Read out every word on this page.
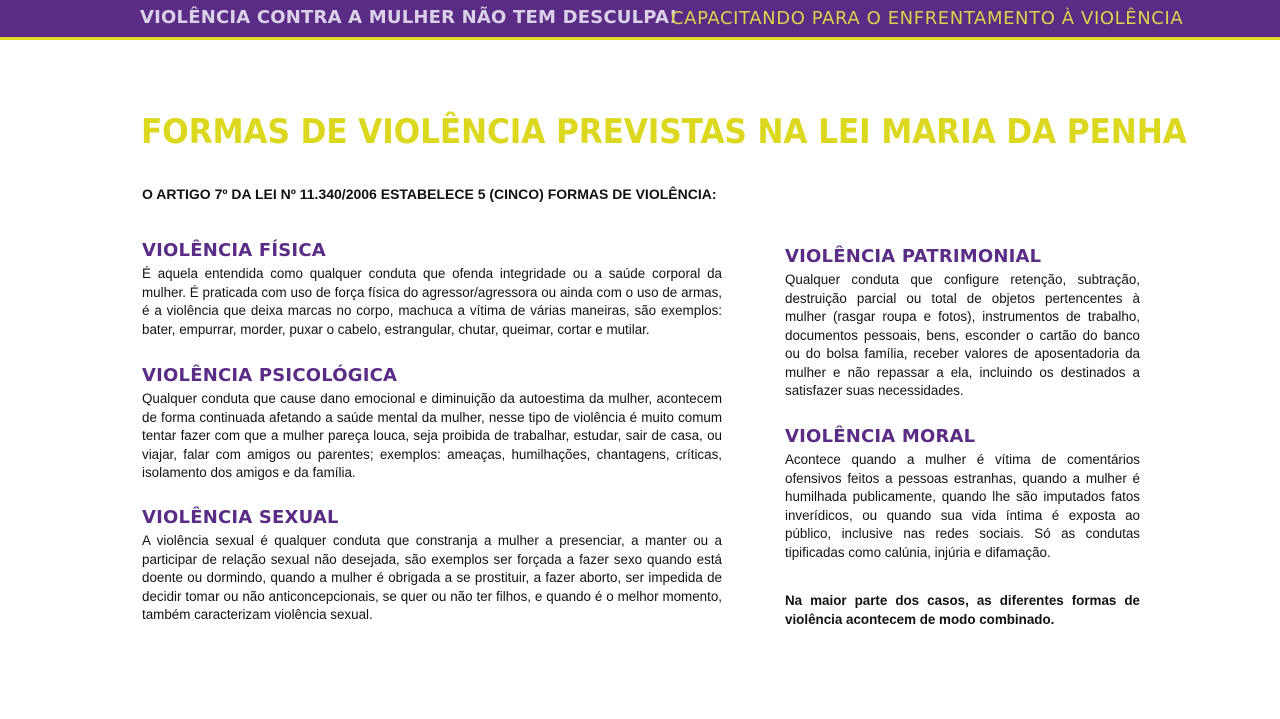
VIOLÊNCIA CONTRA A MULHER NÃO TEM DESCULPA!
CAPACITANDO PARA O ENFRENTAMENTO À VIOLÊNCIA
FORMAS DE VIOLÊNCIA PREVISTAS NA LEI MARIA DA PENHA
O ARTIGO 7º DA LEI Nº 11.340/2006 ESTABELECE 5 (CINCO) FORMAS DE VIOLÊNCIA:
VIOLÊNCIA FÍSICA

É aquela entendida como qualquer conduta que ofenda integridade ou a saúde corporal da mulher. É praticada com uso de força física do agressor/agressora ou ainda com o uso de armas, é a violência que deixa marcas no corpo, machuca a vítima de várias maneiras, são exemplos: bater, empurrar, morder, puxar o cabelo, estrangular, chutar, queimar, cortar e mutilar.

VIOLÊNCIA PSICOLÓGICA

Qualquer conduta que cause dano emocional e diminuição da autoestima da mulher, acontecem de forma continuada afetando a saúde mental da mulher, nesse tipo de violência é muito comum tentar fazer com que a mulher pareça louca, seja proibida de trabalhar, estudar, sair de casa, ou viajar, falar com amigos ou parentes; exemplos: ameaças, humilhações, chantagens, críticas, isolamento dos amigos e da família.

VIOLÊNCIA SEXUAL

A violência sexual é qualquer conduta que constranja a mulher a presenciar, a manter ou a participar de relação sexual não desejada, são exemplos ser forçada a fazer sexo quando está doente ou dormindo, quando a mulher é obrigada a se prostituir, a fazer aborto, ser impedida de decidir tomar ou não anticoncepcionais, se quer ou não ter filhos, e quando é o melhor momento, também caracterizam violência sexual.

VIOLÊNCIA PATRIMONIAL

Qualquer conduta que configure retenção, subtração, destruição parcial ou total de objetos pertencentes à mulher (rasgar roupa e fotos), instrumentos de trabalho, documentos pessoais, bens, esconder o cartão do banco ou do bolsa família, receber valores de aposentadoria da mulher e não repassar a ela, incluindo os destinados a satisfazer suas necessidades.

VIOLÊNCIA MORAL

Acontece quando a mulher é vítima de comentários ofensivos feitos a pessoas estranhas, quando a mulher é humilhada publicamente, quando lhe são imputados fatos inverídicos, ou quando sua vida íntima é exposta ao público, inclusive nas redes sociais. Só as condutas tipificadas como calúnia, injúria e difamação.

Na maior parte dos casos, as diferentes formas de violência acontecem de modo combinado.
